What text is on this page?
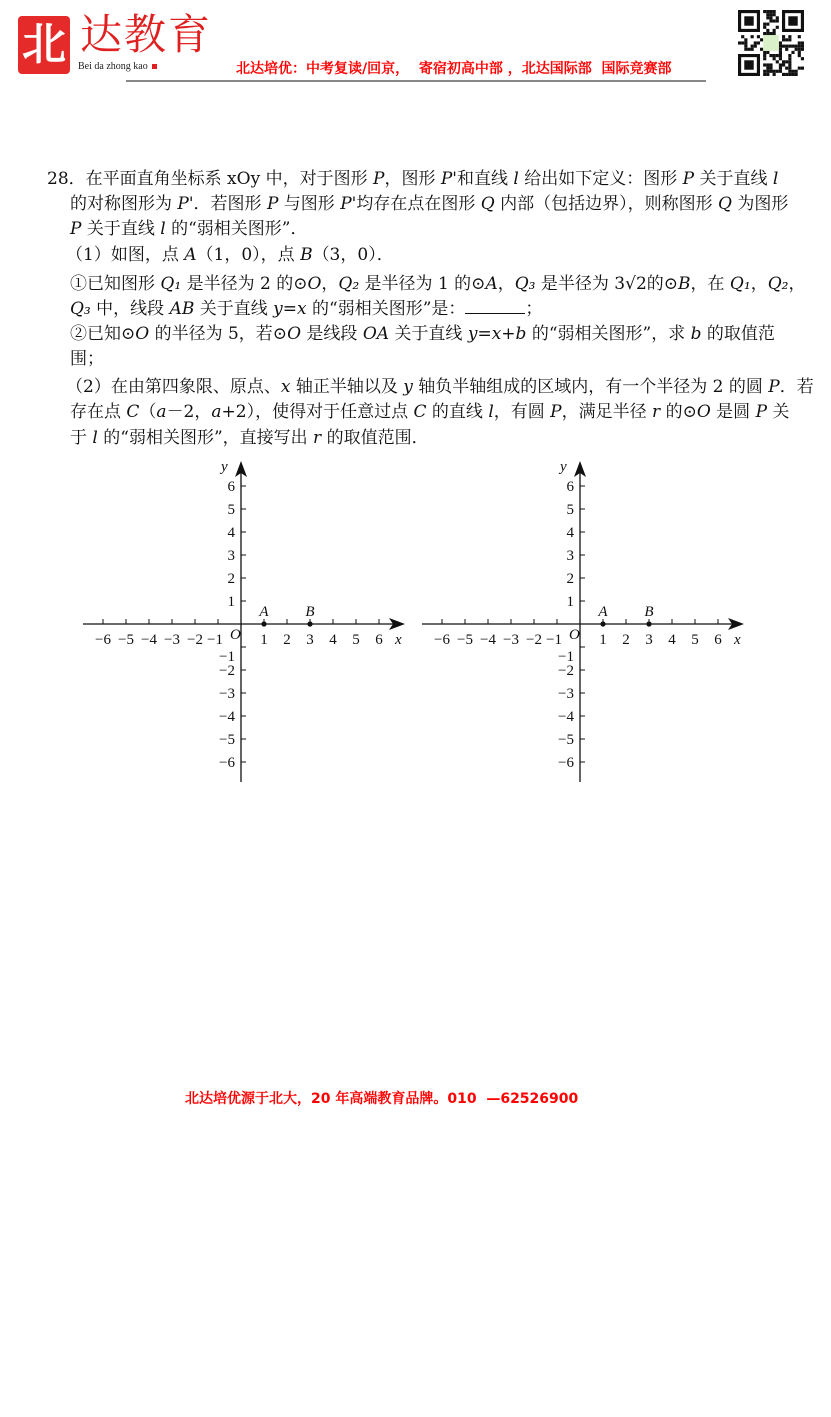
北 达教育
Bei da zhong kao	北达培优：中考复读/回京，  寄宿初高中部 ，北达国际部  国际竞赛部
28．在平面直角坐标系 xOy 中，对于图形 P，图形 P'和直线 l 给出如下定义：图形 P 关于直线 l
的对称图形为 P'．若图形 P 与图形 P'均存在点在图形 Q 内部（包括边界），则称图形 Q 为图形
P 关于直线 l 的“弱相关图形”．
（1）如图，点 A（1，0），点 B（3，0）．
①已知图形 Q₁ 是半径为 2 的⊙O，Q₂ 是半径为 1 的⊙A，Q₃ 是半径为 3√2的⊙B，在 Q₁，Q₂，
Q₃ 中，线段 AB 关于直线 y=x 的“弱相关图形”是：	；
②已知⊙O 的半径为 5，若⊙O 是线段 OA 关于直线 y=x+b 的“弱相关图形”，求 b 的取值范
围；
（2）在由第四象限、原点、x 轴正半轴以及 y 轴负半轴组成的区域内，有一个半径为 2 的圆 P．若
存在点 C（a－2，a+2），使得对于任意过点 C 的直线 l，有圆 P，满足半径 r 的⊙O 是圆 P 关
于 l 的“弱相关图形”，直接写出 r 的取值范围．
−6 −5 −4 −3 −2 −1 1 2 3 4 5 6
−6
−5
−4
−3
−2
−1
1
2
3
4
5
6
O	x
y
A B
−6 −5 −4 −3 −2 −1 1 2 3 4 5 6
−6
−5
−4
−3
−2
−1
1
2
3
4
5
6
O	x
y
A B
北达培优源于北大，20 年高端教育品牌。010  —62526900
